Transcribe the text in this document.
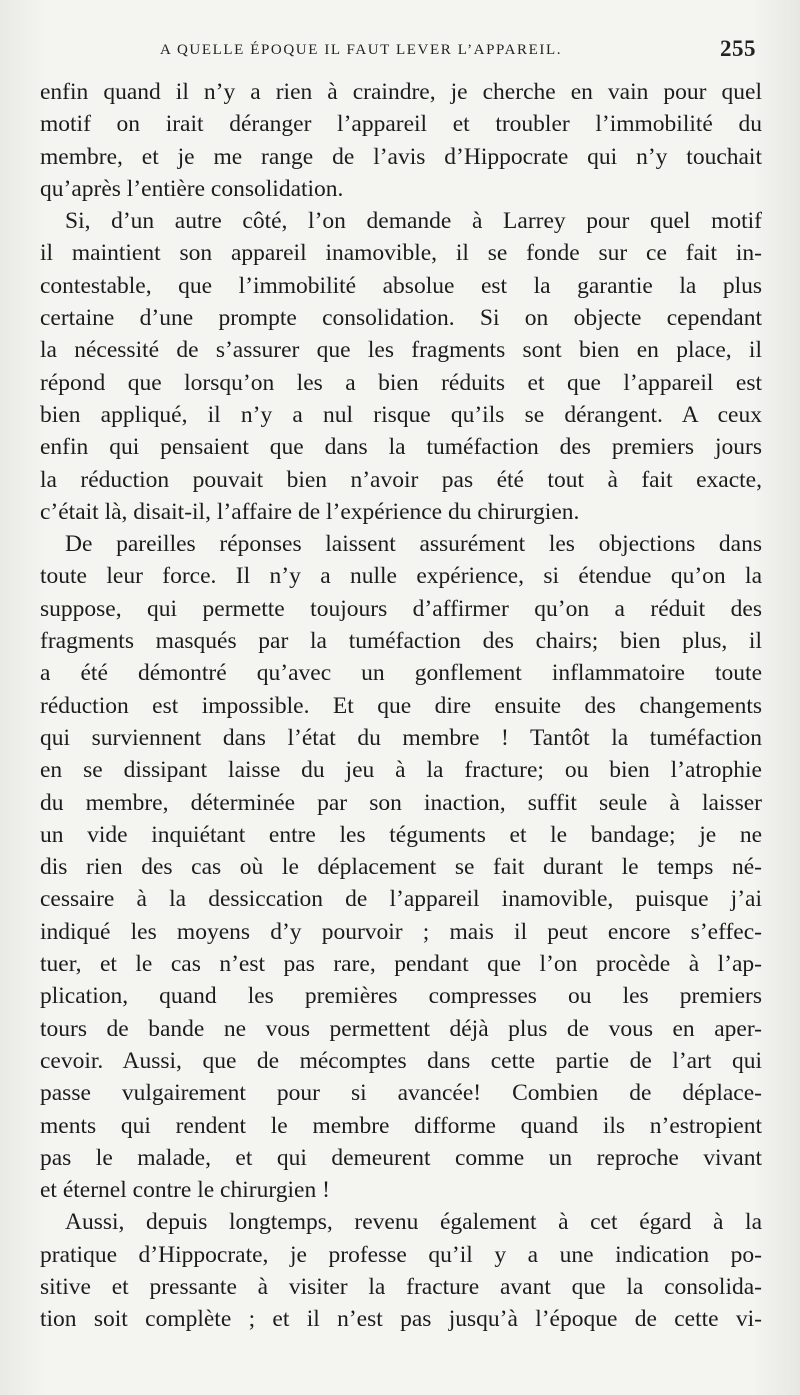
A QUELLE ÉPOQUE IL FAUT LEVER L’APPAREIL.	255
enfin quand il n’y a rien à craindre, je cherche en vain pour quel
motif on irait déranger l’appareil et troubler l’immobilité du
membre, et je me range de l’avis d’Hippocrate qui n’y touchait
qu’après l’entière consolidation.
Si, d’un autre côté, l’on demande à Larrey pour quel motif
il maintient son appareil inamovible, il se fonde sur ce fait in-
contestable, que l’immobilité absolue est la garantie la plus
certaine d’une prompte consolidation. Si on objecte cependant
la nécessité de s’assurer que les fragments sont bien en place, il
répond que lorsqu’on les a bien réduits et que l’appareil est
bien appliqué, il n’y a nul risque qu’ils se dérangent. A ceux
enfin qui pensaient que dans la tuméfaction des premiers jours
la réduction pouvait bien n’avoir pas été tout à fait exacte,
c’était là, disait-il, l’affaire de l’expérience du chirurgien.
De pareilles réponses laissent assurément les objections dans
toute leur force. Il n’y a nulle expérience, si étendue qu’on la
suppose, qui permette toujours d’affirmer qu’on a réduit des
fragments masqués par la tuméfaction des chairs; bien plus, il
a été démontré qu’avec un gonflement inflammatoire toute
réduction est impossible. Et que dire ensuite des changements
qui surviennent dans l’état du membre ! Tantôt la tuméfaction
en se dissipant laisse du jeu à la fracture; ou bien l’atrophie
du membre, déterminée par son inaction, suffit seule à laisser
un vide inquiétant entre les téguments et le bandage; je ne
dis rien des cas où le déplacement se fait durant le temps né-
cessaire à la dessiccation de l’appareil inamovible, puisque j’ai
indiqué les moyens d’y pourvoir ; mais il peut encore s’effec-
tuer, et le cas n’est pas rare, pendant que l’on procède à l’ap-
plication, quand les premières compresses ou les premiers
tours de bande ne vous permettent déjà plus de vous en aper-
cevoir. Aussi, que de mécomptes dans cette partie de l’art qui
passe vulgairement pour si avancée! Combien de déplace-
ments qui rendent le membre difforme quand ils n’estropient
pas le malade, et qui demeurent comme un reproche vivant
et éternel contre le chirurgien !
Aussi, depuis longtemps, revenu également à cet égard à la
pratique d’Hippocrate, je professe qu’il y a une indication po-
sitive et pressante à visiter la fracture avant que la consolida-
tion soit complète ; et il n’est pas jusqu’à l’époque de cette vi-
